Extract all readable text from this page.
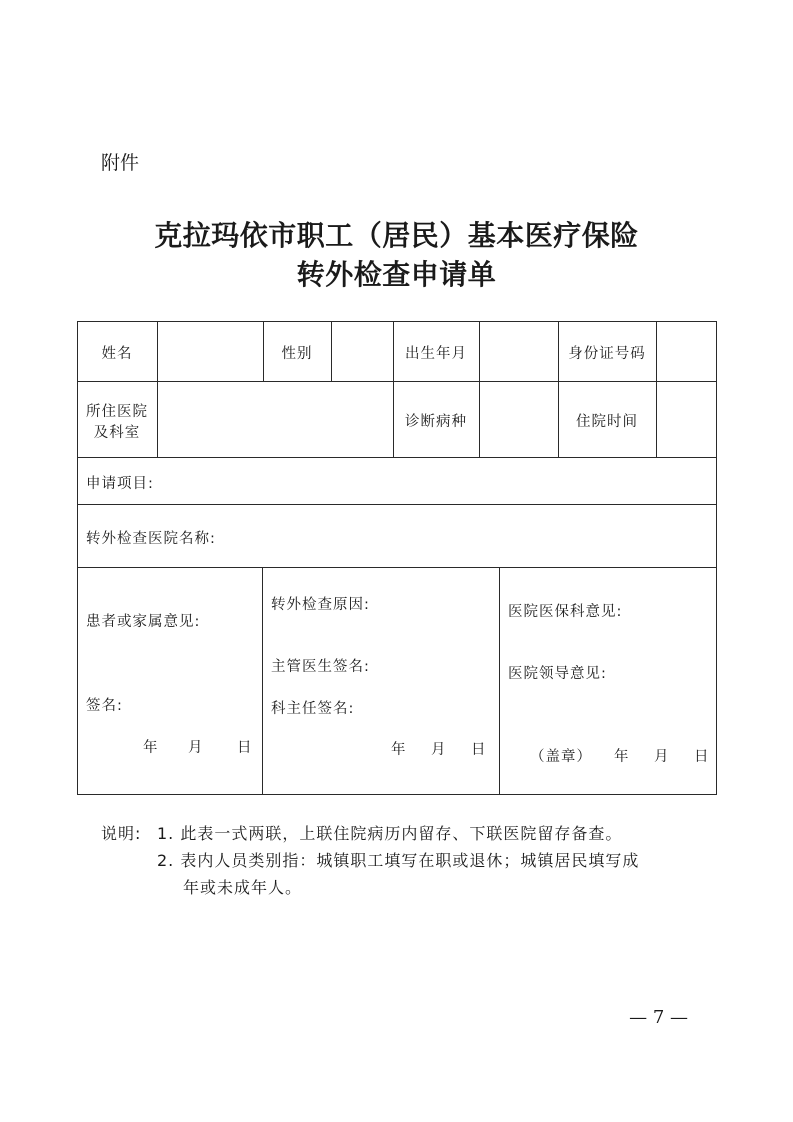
附件
克拉玛依市职工（居民）基本医疗保险
转外检查申请单
姓名	性别	出生年月	身份证号码
所住医院
及科室
诊断病种	住院时间
申请项目:
转外检查医院名称:
患者或家属意见:
签名:
年 月 日
转外检查原因:
主管医生签名:
科主任签名:
年 月 日
医院医保科意见:
医院领导意见:
（盖章） 年 月 日
说明: 1. 此表一式两联，上联住院病历内留存、下联医院留存备查。
2. 表内人员类别指：城镇职工填写在职或退休；城镇居民填写成
年或未成年人。
— 7 —
